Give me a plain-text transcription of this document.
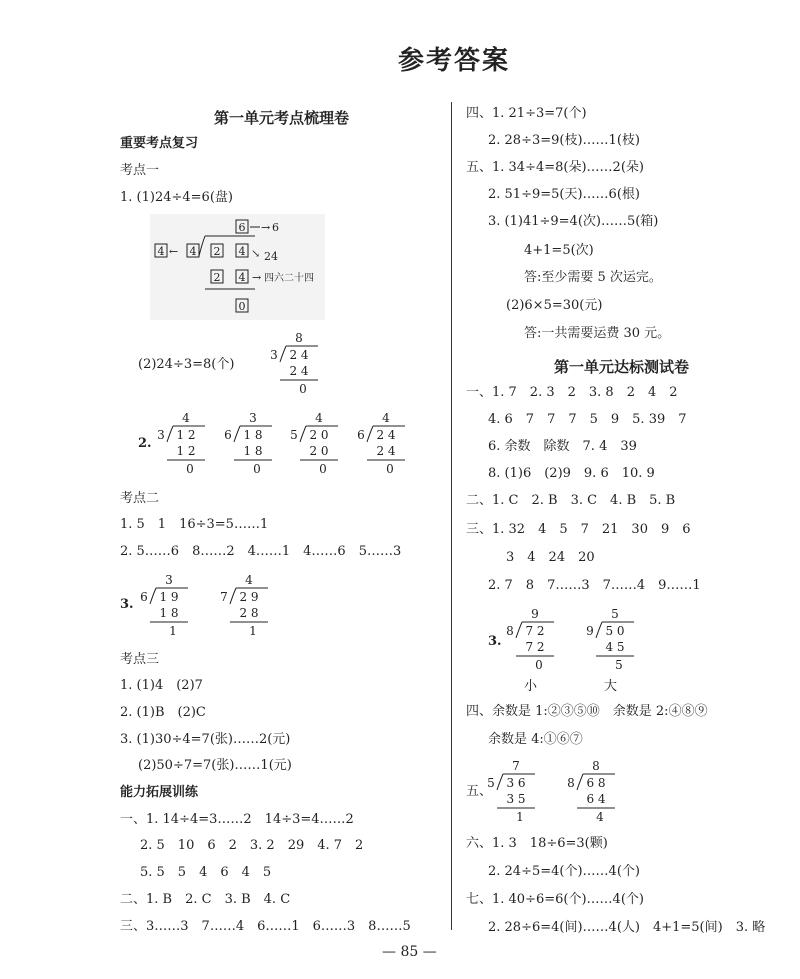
参考答案
第一单元考点梳理卷
重要考点复习
考点一
1. (1)24÷4=6(盘)
6 → 6
4 ← 4 2 4 ↘ 24
2 4 → 四六二十四
0
(2)24÷3=8(个)
8
3 2 4
2 4
0
2.
4
3 1 2
1 2
0
3
6 1 8
1 8
0
4
5 2 0
2 0
0
4
6 2 4
2 4
0
考点二
1. 5　1　16÷3=5……1
2. 5……6　8……2　4……1　4……6　5……3
3.
3
6 1 9
1 8
1
4
7 2 9
2 8
1
考点三
1. (1)4　(2)7
2. (1)B　(2)C
3. (1)30÷4=7(张)……2(元)
(2)50÷7=7(张)……1(元)
能力拓展训练
一、1. 14÷4=3……2　14÷3=4……2
2. 5　10　6　2　3. 2　29　4. 7　2
5. 5　5　4　6　4　5
二、1. B　2. C　3. B　4. C
三、3……3　7……4　6……1　6……3　8……5
四、1. 21÷3=7(个)
2. 28÷3=9(枝)……1(枝)
五、1. 34÷4=8(朵)……2(朵)
2. 51÷9=5(天)……6(根)
3. (1)41÷9=4(次)……5(箱)
4+1=5(次)
答:至少需要 5 次运完。
(2)6×5=30(元)
答:一共需要运费 30 元。
第一单元达标测试卷
一、1. 7　2. 3　2　3. 8　2　4　2
4. 6　7　7　7　5　9　5. 39　7
6. 余数　除数　7. 4　39
8. (1)6　(2)9　9. 6　10. 9
二、1. C　2. B　3. C　4. B　5. B
三、1. 32　4　5　7　21　30　9　6
3　4　24　20
2. 7　8　7……3　7……4　9……1
3.
9
8 7 2
7 2
0
5
9 5 0
4 5
5
小	大
四、余数是 1:②③⑤⑩　余数是 2:④⑧⑨
余数是 4:①⑥⑦
五、
7
5 3 6
3 5
1
8
8 6 8
6 4
4
六、1. 3　18÷6=3(颗)
2. 24÷5=4(个)……4(个)
七、1. 40÷6=6(个)……4(个)
2. 28÷6=4(间)……4(人)　4+1=5(间)　3. 略
— 85 —
